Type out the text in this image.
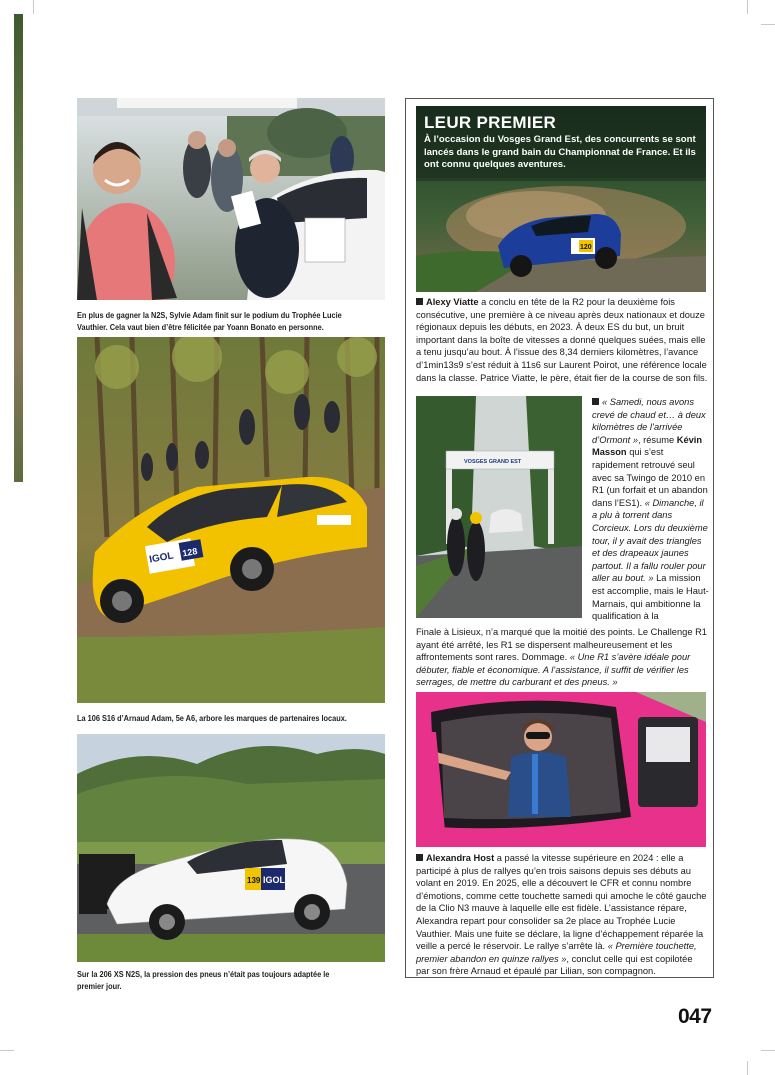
En plus de gagner la N2S, Sylvie Adam finit sur le podium du Trophée Lucie Vauthier. Cela vaut bien d’être félicitée par Yoann Bonato en personne.
IGOL 128
La 106 S16 d’Arnaud Adam, 5e A6, arbore les marques de partenaires locaux.
139 IGOL
Sur la 206 XS N2S, la pression des pneus n’était pas toujours adaptée le premier jour.
120
LEUR PREMIER
À l’occasion du Vosges Grand Est, des concurrents se sont lancés dans le grand bain du Championnat de France. Et ils ont connu quelques aventures.
Alexy Viatte a conclu en tête de la R2 pour la deuxième fois consécutive, une première à ce niveau après deux nationaux et douze régionaux depuis les débuts, en 2023. À deux ES du but, un bruit important dans la boîte de vitesses a donné quelques suées, mais elle a tenu jusqu’au bout. À l’issue des 8,34 derniers kilomètres, l’avance d’1min13s9 s’est réduit à 11s6 sur Laurent Poirot, une référence locale dans la classe. Patrice Viatte, le père, était fier de la course de son fils.
VOSGES GRAND EST
« Samedi, nous avons crevé de chaud et… à deux kilomètres de l’arrivée d’Ormont », résume Kévin Masson qui s’est rapidement retrouvé seul avec sa Twingo de 2010 en R1 (un forfait et un abandon dans l’ES1). « Dimanche, il a plu à torrent dans Corcieux. Lors du deuxième tour, il y avait des triangles et des drapeaux jaunes partout. Il a fallu rouler pour aller au bout. » La mission est accomplie, mais le Haut-Marnais, qui ambitionne la qualification à la
Finale à Lisieux, n’a marqué que la moitié des points. Le Challenge R1 ayant été arrêté, les R1 se dispersent malheureusement et les affrontements sont rares. Dommage. « Une R1 s’avère idéale pour débuter, fiable et économique. A l’assistance, il suffit de vérifier les serrages, de mettre du carburant et des pneus. »
Alexandra Host a passé la vitesse supérieure en 2024 : elle a participé à plus de rallyes qu’en trois saisons depuis ses débuts au volant en 2019. En 2025, elle a découvert le CFR et connu nombre d’émotions, comme cette touchette samedi qui amoche le côté gauche de la Clio N3 mauve à laquelle elle est fidèle. L’assistance répare, Alexandra repart pour consolider sa 2e place au Trophée Lucie Vauthier. Mais une fuite se déclare, la ligne d’échappement réparée la veille a percé le réservoir. Le rallye s’arrête là. « Première touchette, premier abandon en quinze rallyes », conclut celle qui est copilotée par son frère Arnaud et épaulé par Lilian, son compagnon.
047
